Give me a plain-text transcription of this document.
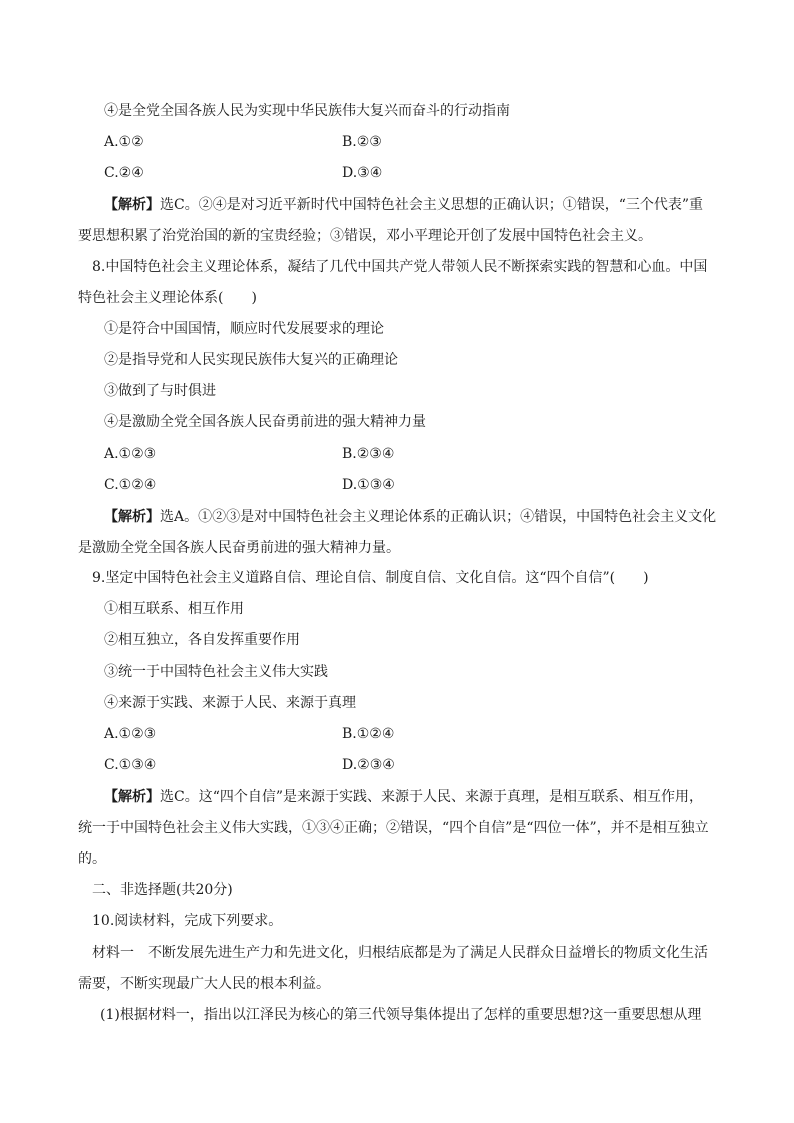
④是全党全国各族人民为实现中华民族伟大复兴而奋斗的行动指南
A.①②	B.②③
C.②④	D.③④
【解析】选C。②④是对习近平新时代中国特色社会主义思想的正确认识；①错误，“三个代表”重
要思想积累了治党治国的新的宝贵经验；③错误，邓小平理论开创了发展中国特色社会主义。
8.中国特色社会主义理论体系，凝结了几代中国共产党人带领人民不断探索实践的智慧和心血。中国
特色社会主义理论体系(　　)
①是符合中国国情，顺应时代发展要求的理论
②是指导党和人民实现民族伟大复兴的正确理论
③做到了与时俱进
④是激励全党全国各族人民奋勇前进的强大精神力量
A.①②③	B.②③④
C.①②④	D.①③④
【解析】选A。①②③是对中国特色社会主义理论体系的正确认识；④错误，中国特色社会主义文化
是激励全党全国各族人民奋勇前进的强大精神力量。
9.坚定中国特色社会主义道路自信、理论自信、制度自信、文化自信。这“四个自信”(　　)
①相互联系、相互作用
②相互独立，各自发挥重要作用
③统一于中国特色社会主义伟大实践
④来源于实践、来源于人民、来源于真理
A.①②③	B.①②④
C.①③④	D.②③④
【解析】选C。这“四个自信”是来源于实践、来源于人民、来源于真理，是相互联系、相互作用，
统一于中国特色社会主义伟大实践，①③④正确；②错误，“四个自信”是“四位一体”，并不是相互独立
的。
二、非选择题(共20分)
10.阅读材料，完成下列要求。
材料一　不断发展先进生产力和先进文化，归根结底都是为了满足人民群众日益增长的物质文化生活
需要，不断实现最广大人民的根本利益。
(1)根据材料一，指出以江泽民为核心的第三代领导集体提出了怎样的重要思想?这一重要思想从理
